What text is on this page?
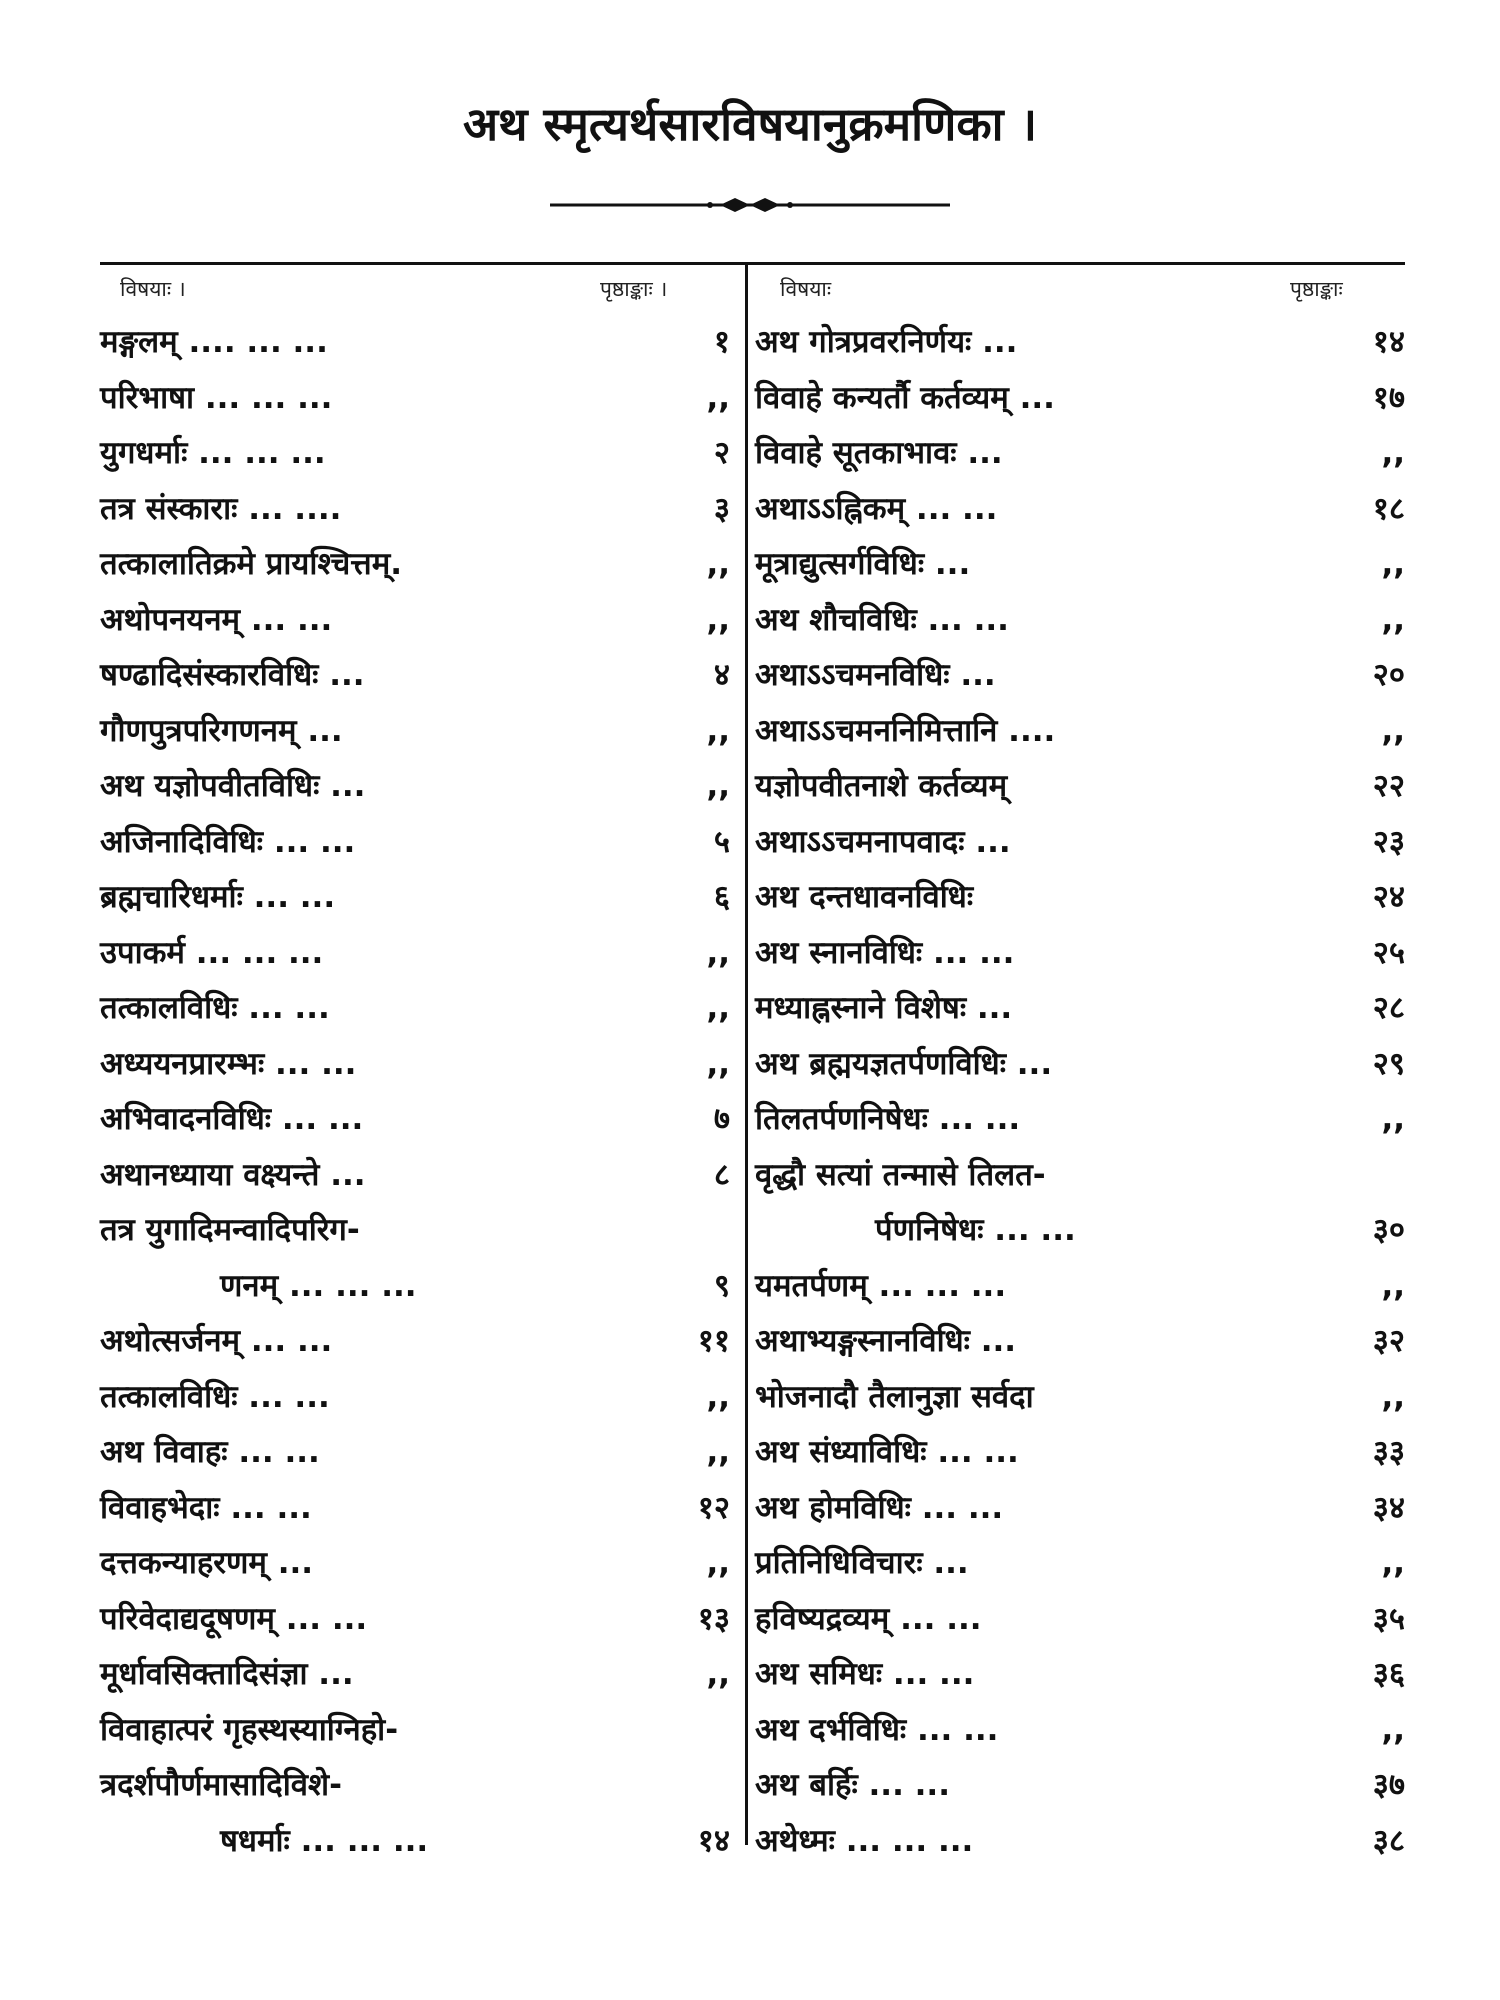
अथ स्मृत्यर्थसारविषयानुक्रमणिका ।
विषयाः ।	पृष्ठाङ्काः ।	विषयाः	पृष्ठाङ्काः
मङ्गलम् .... ... ...	१
परिभाषा ... ... ...	,,
युगधर्माः ... ... ...	२
तत्र संस्काराः ... ....	३
तत्कालातिक्रमे प्रायश्चित्तम्.	,,
अथोपनयनम् ... ...	,,
षण्ढादिसंस्कारविधिः ...	४
गौणपुत्रपरिगणनम् ...	,,
अथ यज्ञोपवीतविधिः ...	,,
अजिनादिविधिः ... ...	५
ब्रह्मचारिधर्माः ... ...	६
उपाकर्म ... ... ...	,,
तत्कालविधिः ... ...	,,
अध्ययनप्रारम्भः ... ...	,,
अभिवादनविधिः ... ...	७
अथानध्याया वक्ष्यन्ते ...	८
तत्र युगादिमन्वादिपरिग-
णनम् ... ... ...	९
अथोत्सर्जनम् ... ...	११
तत्कालविधिः ... ...	,,
अथ विवाहः ... ...	,,
विवाहभेदाः ... ...	१२
दत्तकन्याहरणम् ...	,,
परिवेदाद्यदूषणम् ... ...	१३
मूर्धावसिक्तादिसंज्ञा ...	,,
विवाहात्परं गृहस्थस्याग्निहो-
त्रदर्शपौर्णमासादिविशे-
षधर्माः ... ... ...	१४
अथ गोत्रप्रवरनिर्णयः ...	१४
विवाहे कन्यर्तौ कर्तव्यम् ...	१७
विवाहे सूतकाभावः ...	,,
अथाऽऽह्निकम् ... ...	१८
मूत्राद्युत्सर्गविधिः ...	,,
अथ शौचविधिः ... ...	,,
अथाऽऽचमनविधिः ...	२०
अथाऽऽचमननिमित्तानि ....	,,
यज्ञोपवीतनाशे कर्तव्यम्	२२
अथाऽऽचमनापवादः ...	२३
अथ दन्तधावनविधिः	२४
अथ स्नानविधिः ... ...	२५
मध्याह्नस्नाने विशेषः ...	२८
अथ ब्रह्मयज्ञतर्पणविधिः ...	२९
तिलतर्पणनिषेधः ... ...	,,
वृद्धौ सत्यां तन्मासे तिलत-
र्पणनिषेधः ... ...	३०
यमतर्पणम् ... ... ...	,,
अथाभ्यङ्गस्नानविधिः ...	३२
भोजनादौ तैलानुज्ञा सर्वदा	,,
अथ संध्याविधिः ... ...	३३
अथ होमविधिः ... ...	३४
प्रतिनिधिविचारः ...	,,
हविष्यद्रव्यम् ... ...	३५
अथ समिधः ... ...	३६
अथ दर्भविधिः ... ...	,,
अथ बर्हिः ... ...	३७
अथेध्मः ... ... ...	३८
